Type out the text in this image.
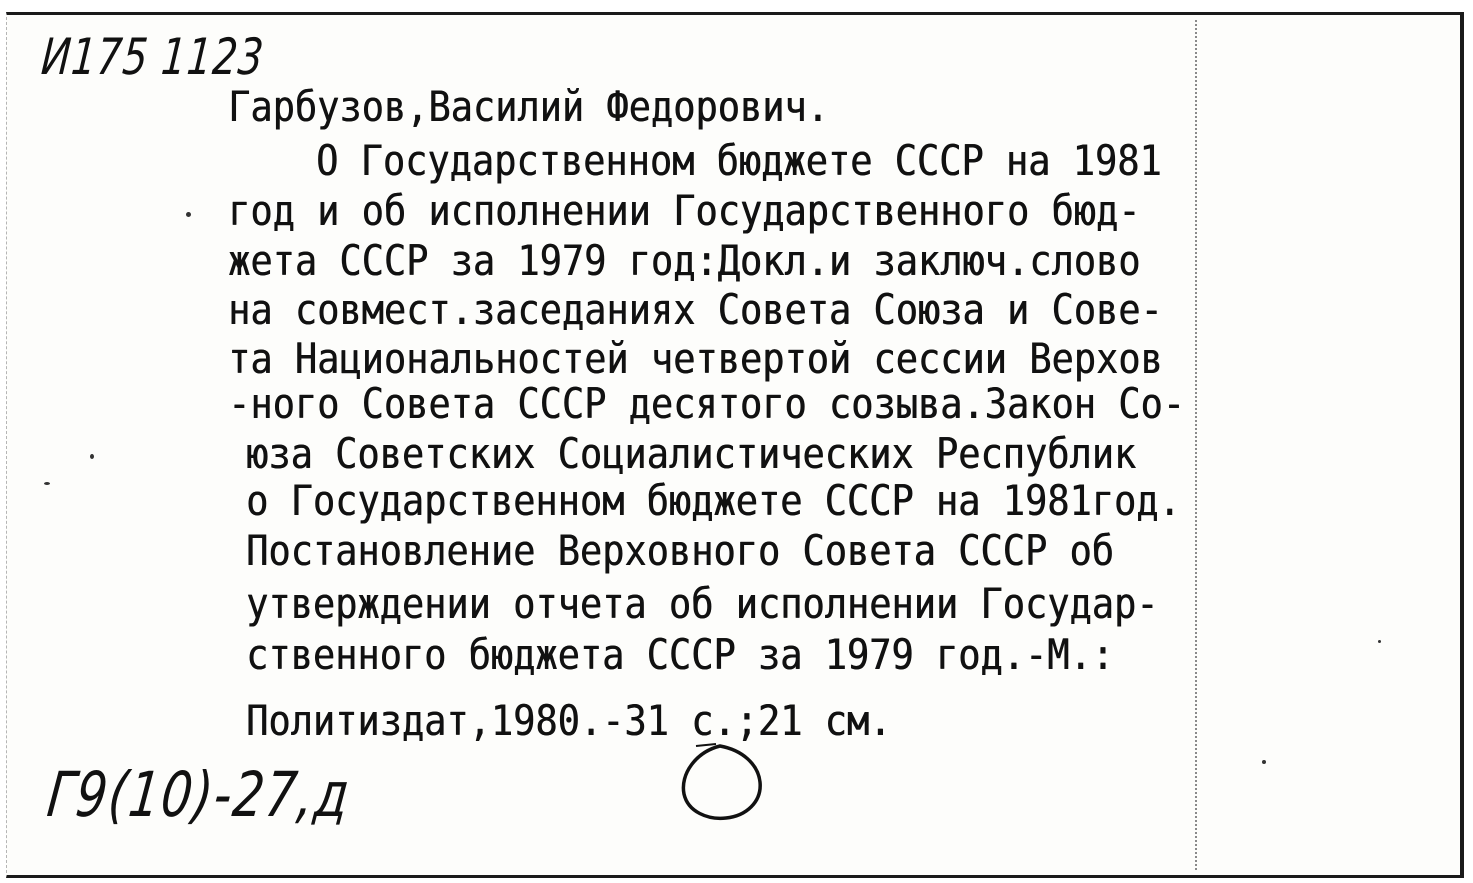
И175 1123
Гарбузов,Василий Федорович.
О Государственном бюджете СССР на 1981
год и об исполнении Государственного бюд-
жета СССР за 1979 год:Докл.и заключ.слово
на совмест.заседаниях Совета Союза и Сове-
та Национальностей четвертой сессии Верхов
-ного Совета СССР десятого созыва.Закон Со-
юза Советских Социалистических Республик
о Государственном бюджете СССР на 1981год.
Постановление Верховного Совета СССР об
утверждении отчета об исполнении Государ-
ственного бюджета СССР за 1979 год.-М.:
Политиздат,1980.-31 с.;21 см.
Г9(10)-27,д
